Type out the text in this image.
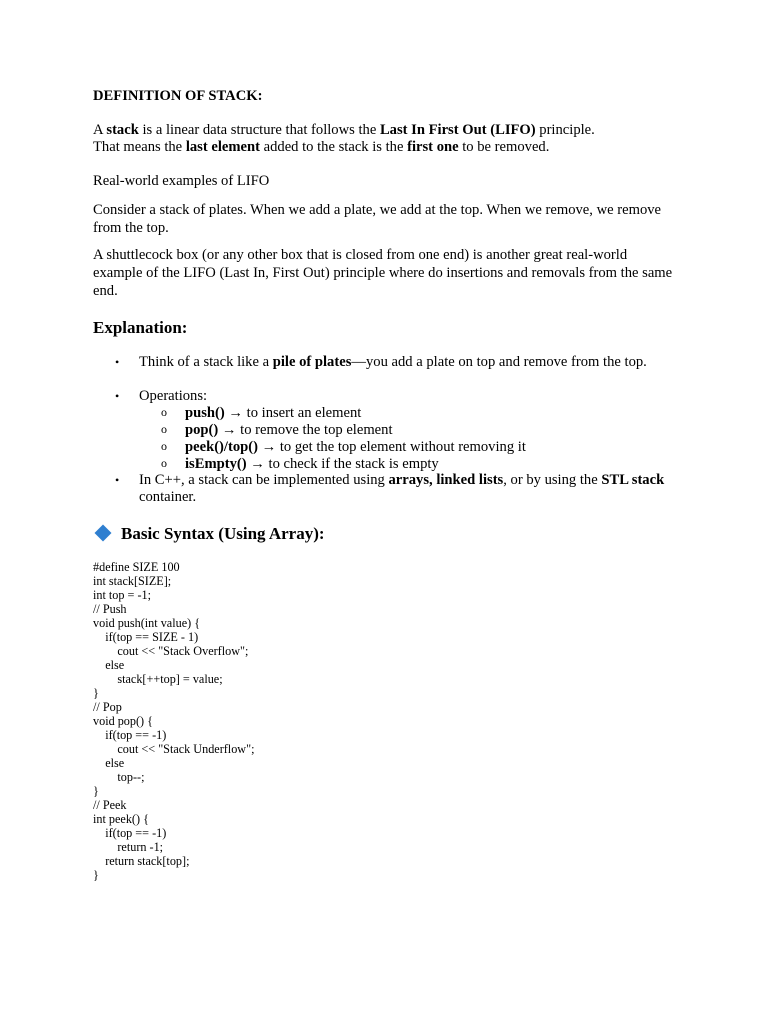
DEFINITION OF STACK:
A stack is a linear data structure that follows the Last In First Out (LIFO) principle.
That means the last element added to the stack is the first one to be removed.
Real-world examples of LIFO
Consider a stack of plates. When we add a plate, we add at the top. When we remove, we remove from the top.
A shuttlecock box (or any other box that is closed from one end) is another great real-world example of the LIFO (Last In, First Out) principle where do insertions and removals from the same end.
Explanation:
• Think of a stack like a pile of plates—you add a plate on top and remove from the top.
• Operations:
o push() → to insert an element
o pop() → to remove the top element
o peek()/top() → to get the top element without removing it
o isEmpty() → to check if the stack is empty
• In C++, a stack can be implemented using arrays, linked lists, or by using the STL stack container.
Basic Syntax (Using Array):
#define SIZE 100
int stack[SIZE];
int top = -1;
// Push
void push(int value) {
if(top == SIZE - 1)
cout << "Stack Overflow";
else
stack[++top] = value;
}
// Pop
void pop() {
if(top == -1)
cout << "Stack Underflow";
else
top--;
}
// Peek
int peek() {
if(top == -1)
return -1;
return stack[top];
}
